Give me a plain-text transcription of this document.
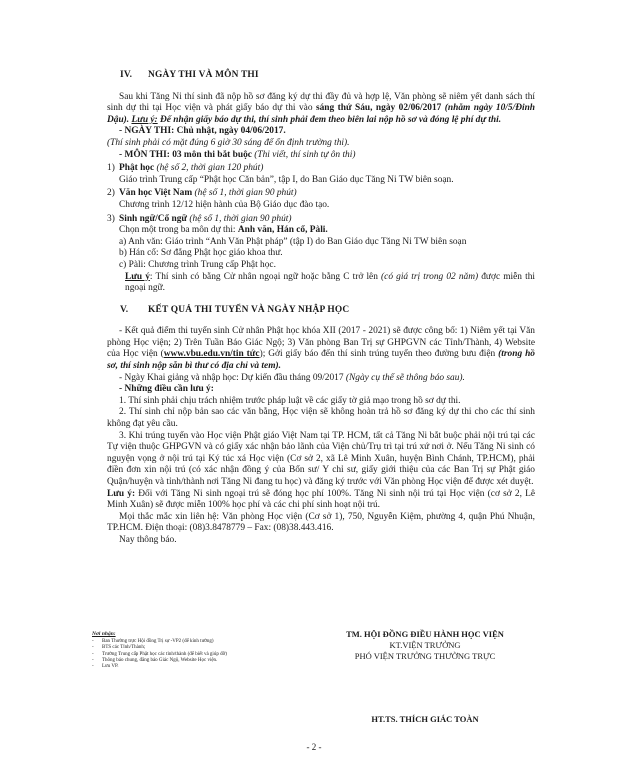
IV. NGÀY THI VÀ MÔN THI

Sau khi Tăng Ni thí sinh đã nộp hồ sơ đăng ký dự thi đầy đủ và hợp lệ, Văn phòng sẽ niêm yết danh sách thí sinh dự thi tại Học viện và phát giấy báo dự thi vào sáng thứ Sáu, ngày 02/06/2017 (nhằm ngày 10/5/Đinh Dậu). Lưu ý: Để nhận giấy báo dự thi, thí sinh phải đem theo biên lai nộp hồ sơ và đóng lệ phí dự thi.

- NGÀY THI: Chủ nhật, ngày 04/06/2017.

(Thí sinh phải có mặt đúng 6 giờ 30 sáng để ổn định trường thi).

- MÔN THI: 03 môn thi bắt buộc (Thi viết, thí sinh tự ôn thi)

1) Phật học (hệ số 2, thời gian 120 phút)

Giáo trình Trung cấp “Phật học Căn bản”, tập I, do Ban Giáo dục Tăng Ni TW biên soạn.

2) Văn học Việt Nam (hệ số 1, thời gian 90 phút)

Chương trình 12/12 hiện hành của Bộ Giáo dục đào tạo.

3) Sinh ngữ/Cổ ngữ (hệ số 1, thời gian 90 phút)

Chọn một trong ba môn dự thi: Anh văn, Hán cổ, Pàli.

a) Anh văn: Giáo trình “Anh Văn Phật pháp” (tập I) do Ban Giáo dục Tăng Ni TW biên soạn

b) Hán cổ: Sơ đẳng Phật học giáo khoa thư.

c) Pàli: Chương trình Trung cấp Phật học.

Lưu ý: Thí sinh có bằng Cử nhân ngoại ngữ hoặc bằng C trở lên (có giá trị trong 02 năm) được miễn thi ngoại ngữ.

V. KẾT QUẢ THI TUYỂN VÀ NGÀY NHẬP HỌC

- Kết quả điểm thi tuyển sinh Cử nhân Phật học khóa XII (2017 - 2021) sẽ được công bố: 1) Niêm yết tại Văn phòng Học viện; 2) Trên Tuần Báo Giác Ngộ; 3) Văn phòng Ban Trị sự GHPGVN các Tỉnh/Thành, 4) Website của Học viện (www.vbu.edu.vn/tin tức); Gởi giấy báo đến thí sinh trúng tuyển theo đường bưu điện (trong hồ sơ, thí sinh nộp sẵn bì thư có địa chỉ và tem).

- Ngày Khai giảng và nhập học: Dự kiến đầu tháng 09/2017 (Ngày cụ thể sẽ thông báo sau).

- Những điều cần lưu ý:

1. Thí sinh phải chịu trách nhiệm trước pháp luật về các giấy tờ giả mạo trong hồ sơ dự thi.

2. Thí sinh chỉ nộp bản sao các văn bằng, Học viện sẽ không hoàn trả hồ sơ đăng ký dự thi cho các thí sinh không đạt yêu cầu.

3. Khi trúng tuyển vào Học viện Phật giáo Việt Nam tại TP. HCM, tất cả Tăng Ni bắt buộc phải nội trú tại các Tự viện thuộc GHPGVN và có giấy xác nhận bảo lãnh của Viện chủ/Trụ trì tại trú xứ nơi ở. Nếu Tăng Ni sinh có nguyện vọng ở nội trú tại Ký túc xá Học viện (Cơ sở 2, xã Lê Minh Xuân, huyện Bình Chánh, TP.HCM), phải điền đơn xin nội trú (có xác nhận đồng ý của Bổn sư/ Y chỉ sư, giấy giới thiệu của các Ban Trị sự Phật giáo Quận/huyện và tỉnh/thành nơi Tăng Ni đang tu học) và đăng ký trước với Văn phòng Học viện để được xét duyệt.

Lưu ý: Đối với Tăng Ni sinh ngoại trú sẽ đóng học phí 100%. Tăng Ni sinh nội trú tại Học viện (cơ sở 2, Lê Minh Xuân) sẽ được miễn 100% học phí và các chi phí sinh hoạt nội trú.

Mọi thắc mắc xin liên hệ: Văn phòng Học viện (Cơ sở 1), 750, Nguyễn Kiệm, phường 4, quận Phú Nhuận, TP.HCM. Điện thoại: (08)3.8478779 – Fax: (08)38.443.416.

Nay thông báo.

Nơi nhận:
- Ban Thường trực Hội đồng Trị sự -VP2 (để kính tường)
- BTS các Tỉnh/Thành;
- Trường Trung cấp Phật học các tỉnh/thành (để biết và giúp đỡ)
- Thông báo chung, đăng báo Giác Ngộ, Website Học viện.
- Lưu VP.
TM. HỘI ĐỒNG ĐIỀU HÀNH HỌC VIỆN
KT.VIỆN TRƯỞNG
PHÓ VIỆN TRƯỞNG THƯỜNG TRỰC
HT.TS. THÍCH GIÁC TOÀN
- 2 -
